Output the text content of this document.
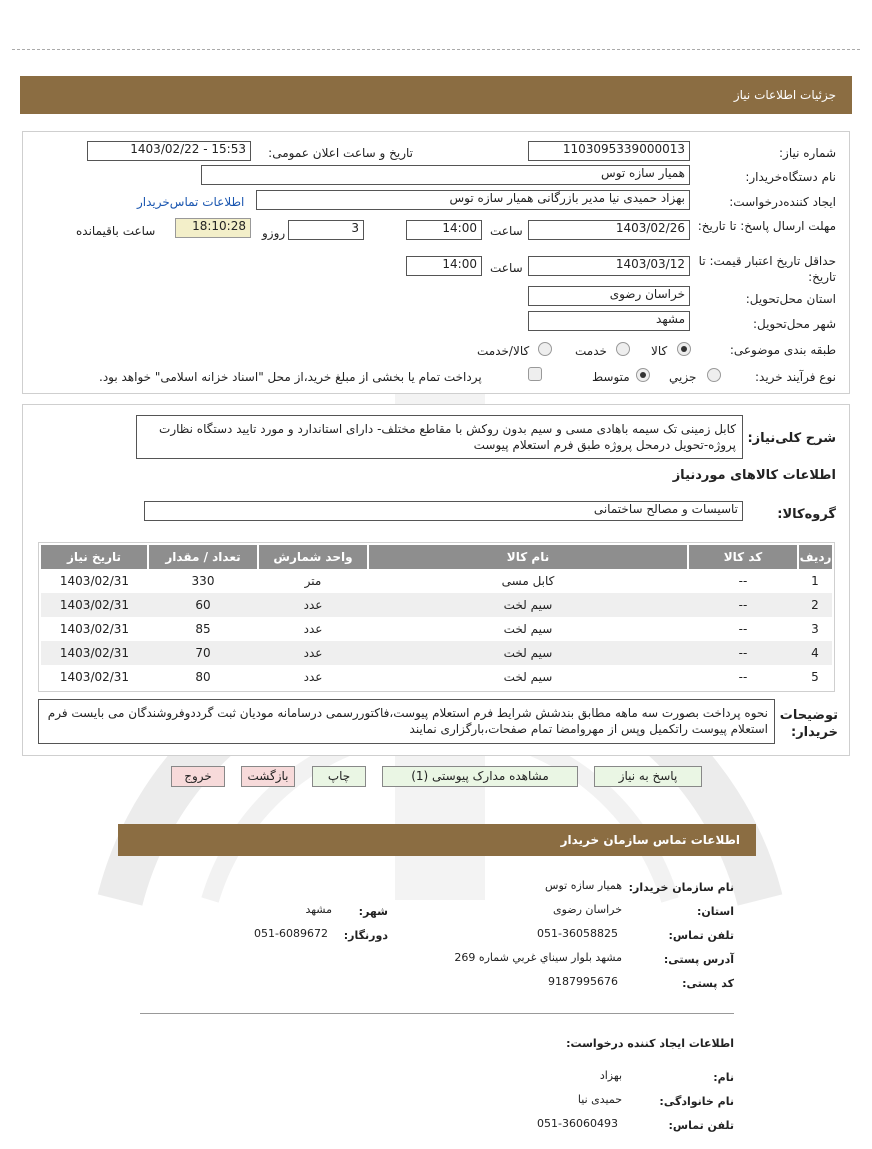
جزئیات اطلاعات نیاز
شماره نیاز:
1103095339000013
تاریخ و ساعت اعلان عمومی:
1403/02/22 - 15:53
نام دستگاه‌خریدار:
همیار سازه توس
ایجاد کننده‌درخواست:
بهزاد حمیدی نیا مدیر بازرگانی همیار سازه توس
اطلاعات تماس‌خریدار
مهلت ارسال پاسخ: تا تاریخ:
1403/02/26
ساعت
14:00
3
روزو
18:10:28
ساعت باقیمانده
حداقل تاریخ اعتبار قیمت: تا تاریخ:
1403/03/12
ساعت
14:00
استان محل‌تحویل:
خراسان رضوی
شهر محل‌تحویل:
مشهد
طبقه بندی موضوعی:
کالا
خدمت
کالا/خدمت
نوع فرآیند خرید:
جزیي
متوسط
پرداخت تمام یا بخشی از مبلغ خرید،از محل "اسناد خزانه اسلامی" خواهد بود.
شرح کلی‌نیاز:
کابل زمینی تک سیمه باهادی مسی و سیم بدون روکش با مقاطع مختلف- دارای استاندارد و مورد تایید دستگاه نظارت پروژه-تحویل درمحل پروژه طبق فرم استعلام پیوست
اطلاعات کالاهای مورد‌نیاز
گروه‌کالا:
تاسیسات و مصالح ساختمانی
ردیف	کد کالا	نام کالا	واحد شمارش	تعداد / مقدار	تاریخ نیاز
1	--	کابل مسی	متر	330	1403/02/31
2	--	سیم لخت	عدد	60	1403/02/31
3	--	سیم لخت	عدد	85	1403/02/31
4	--	سیم لخت	عدد	70	1403/02/31
5	--	سیم لخت	عدد	80	1403/02/31
توضیحات خریدار:
نحوه پرداخت بصورت سه ماهه مطابق بندشش شرایط فرم استعلام پیوست،فاکتوررسمی درسامانه مودیان ثبت گرددوفروشندگان می بایست فرم استعلام پیوست راتکمیل وپس از مهروامضا تمام صفحات،بارگزاری نمایند
پاسخ به نیاز
مشاهده مدارک پیوستی (1)
چاپ
بازگشت
خروج
اطلاعات تماس سازمان خریدار
نام سازمان خریدار:
همیار سازه توس
استان:
خراسان رضوی
شهر:
مشهد
تلفن تماس:
051-36058825
دورنگار:
051-6089672
آدرس پستی:
مشهد بلوار سیناي غربي شماره 269
کد پستی:
9187995676
اطلاعات ایجاد کننده درخواست:
نام:
بهزاد
نام خانوادگی:
حمیدی نیا
تلفن تماس:
051-36060493
